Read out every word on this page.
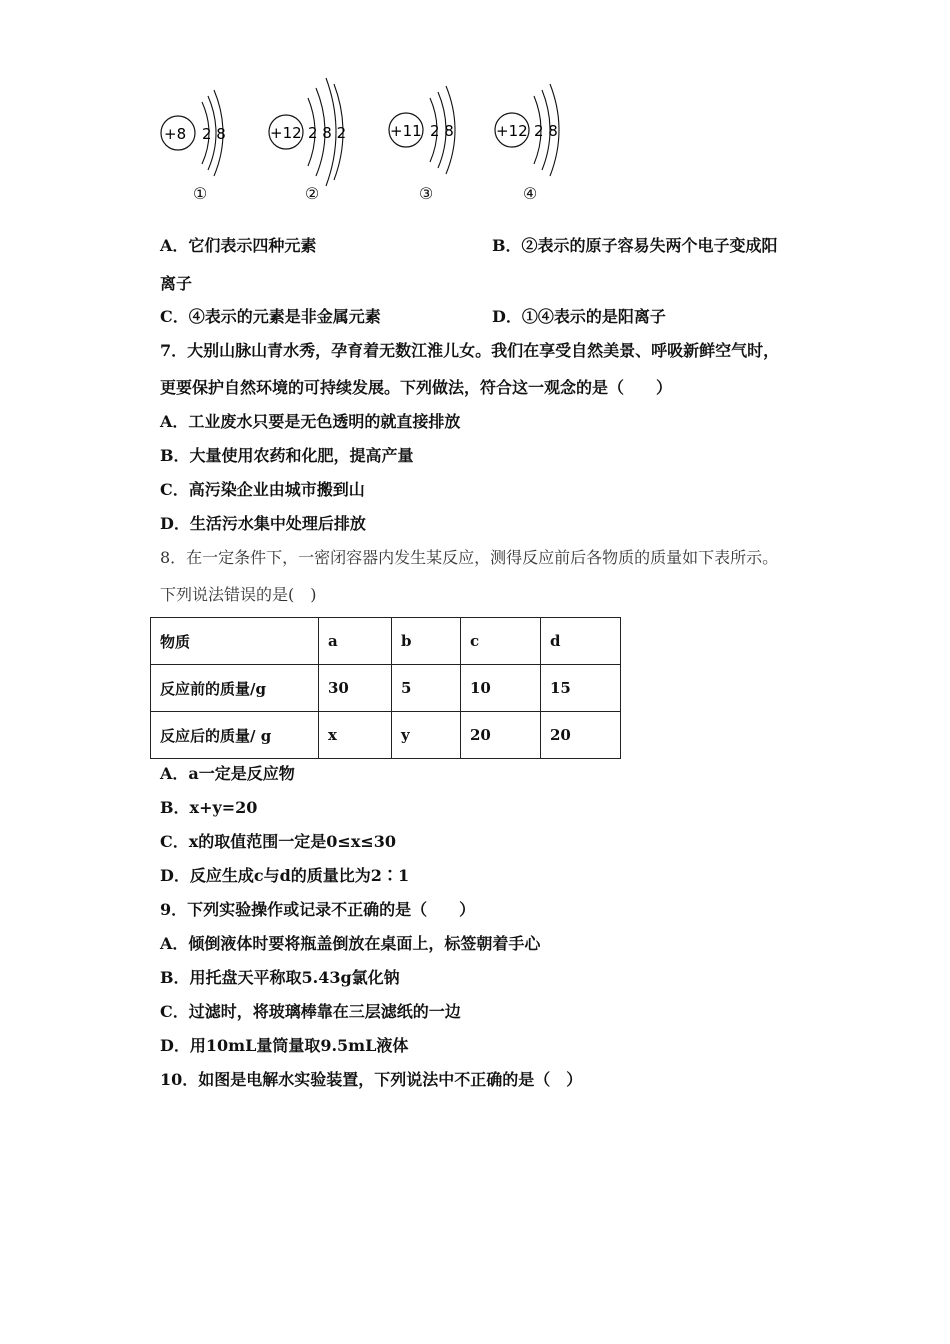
+8 2 8
①
+12 2 8 2
②
+11 2 8
③
+12 2 8
④
A．它们表示四种元素	B．②表示的原子容易失两个电子变成阳
离子
C．④表示的元素是非金属元素	D．①④表示的是阳离子
7．大别山脉山青水秀，孕育着无数江淮儿女。我们在享受自然美景、呼吸新鲜空气时，
更要保护自然环境的可持续发展。下列做法，符合这一观念的是（　　）
A．工业废水只要是无色透明的就直接排放
B．大量使用农药和化肥，提高产量
C．高污染企业由城市搬到山
D．生活污水集中处理后排放
8．在一定条件下，一密闭容器内发生某反应，测得反应前后各物质的质量如下表所示。
下列说法错误的是(　)
物质	a	b	c	d
反应前的质量/g	30	5	10	15
反应后的质量/ g	x	y	20	20
A．a一定是反应物
B．x+y=20
C．x的取值范围一定是0≤x≤30
D．反应生成c与d的质量比为2∶1
9．下列实验操作或记录不正确的是（　　）
A．倾倒液体时要将瓶盖倒放在桌面上，标签朝着手心
B．用托盘天平称取5.43g氯化钠
C．过滤时，将玻璃棒靠在三层滤纸的一边
D．用10mL量筒量取9.5mL液体
10．如图是电解水实验装置，下列说法中不正确的是（　）
